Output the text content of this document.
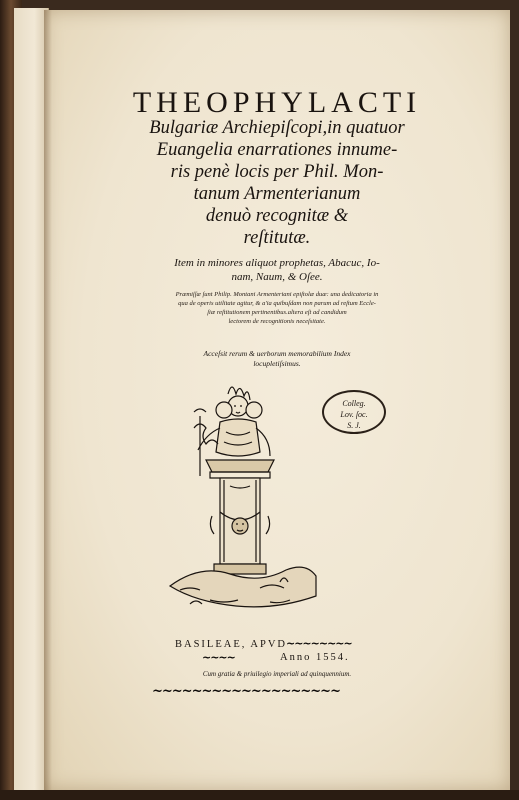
THEOPHYLACTI
Bulgariæ Archiepiſcopi,in quatuor
Euangelia enarrationes innume-
ris penè locis per Phil. Mon-
tanum Armenterianum
denuò recognitæ &
reſtitutæ.
Item in minores aliquot prophetas, Abacuc, Io-
nam, Naum, & Oſee.
Præmiſſæ ſunt Philip. Montani Armenteriani epiſtolæ duæ: una dedicatoria in
qua de operis utilitate agitur, & a'ia quibuſdam non parum ad reſtum Eccle-
ſiæ reſtitutionem pertinentibus.altera eſt ad candidum
lectorem de recognitionis neceſsitate.
Acceſsit rerum & uerborum memorabilium Index
locupletiſsimus.
Colleg.
Lov. ſoc.
S. J.
BASILEAE, APVD
~~~~~~~~
~~~~	Anno 1554.
Cum gratia & priuilegio imperiali ad quinquennium.
~~~~~~~~~~~~~~~~~~~
